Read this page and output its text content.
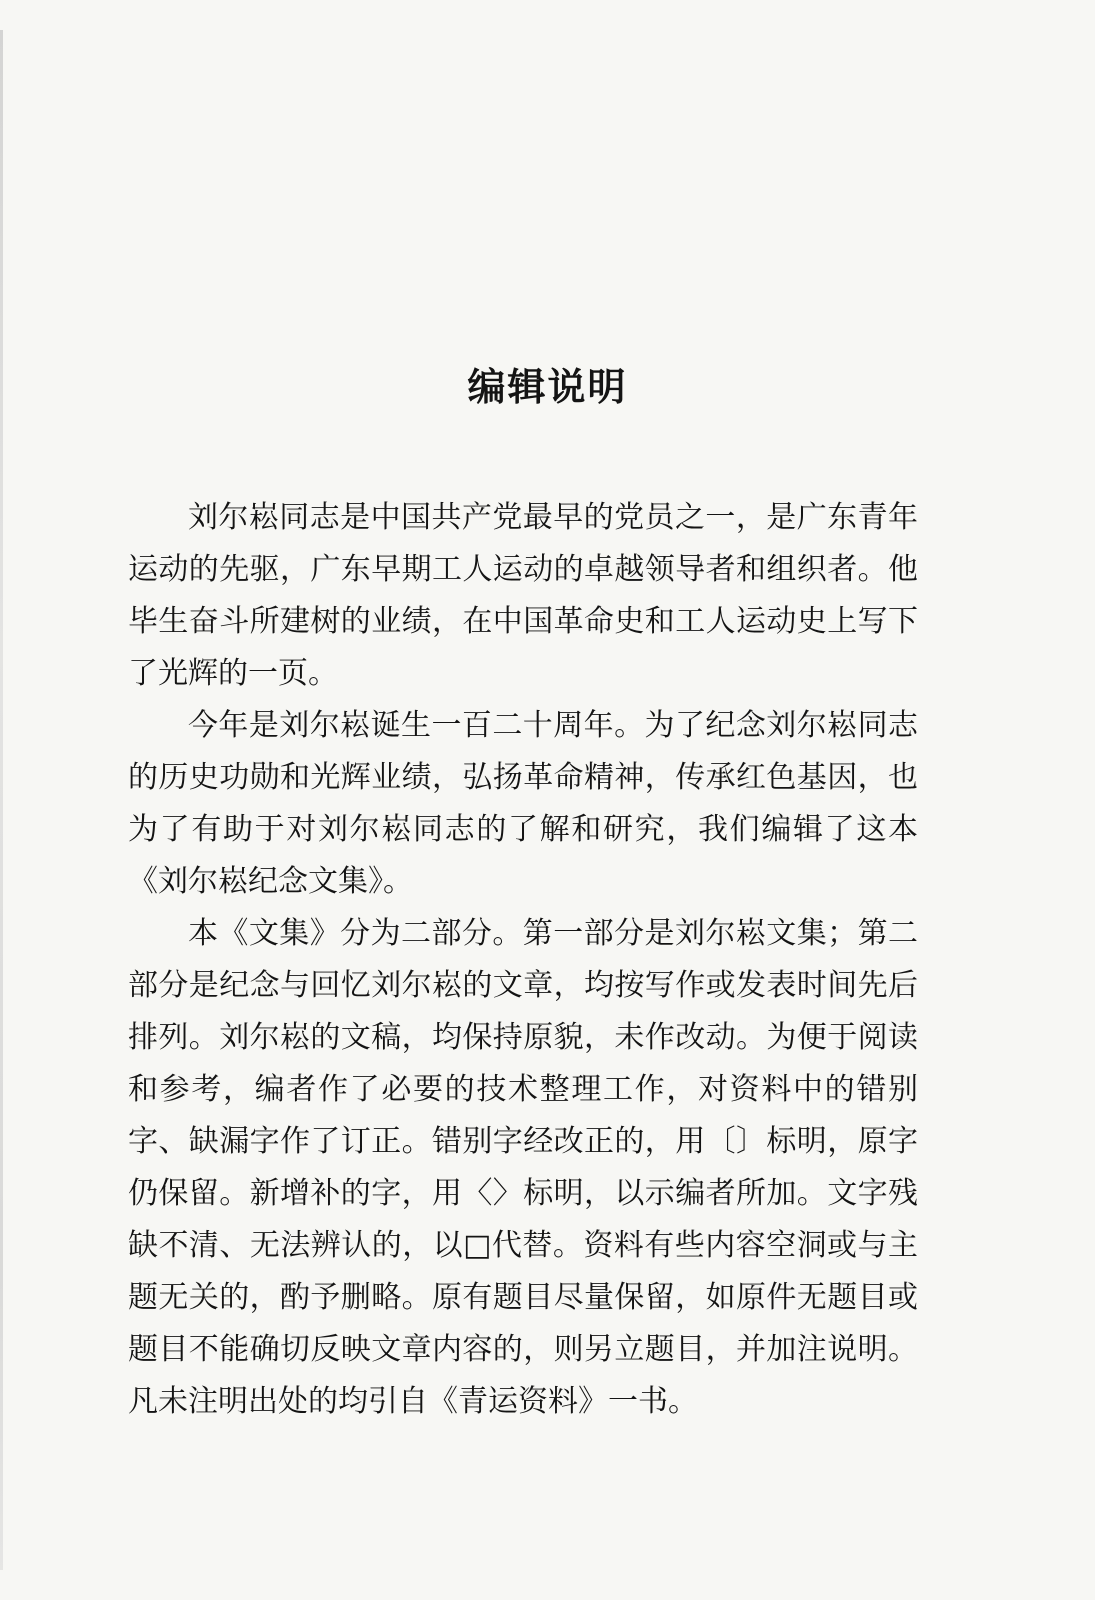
编辑说明

刘尔崧同志是中国共产党最早的党员之一，是广东青年运动的先驱，广东早期工人运动的卓越领导者和组织者。他毕生奋斗所建树的业绩，在中国革命史和工人运动史上写下了光辉的一页。

今年是刘尔崧诞生一百二十周年。为了纪念刘尔崧同志的历史功勋和光辉业绩，弘扬革命精神，传承红色基因，也为了有助于对刘尔崧同志的了解和研究，我们编辑了这本《刘尔崧纪念文集》。

本《文集》分为二部分。第一部分是刘尔崧文集；第二部分是纪念与回忆刘尔崧的文章，均按写作或发表时间先后排列。刘尔崧的文稿，均保持原貌，未作改动。为便于阅读和参考，编者作了必要的技术整理工作，对资料中的错别字、缺漏字作了订正。错别字经改正的，用〔〕标明，原字仍保留。新增补的字，用〈〉标明，以示编者所加。文字残缺不清、无法辨认的，以□代替。资料有些内容空洞或与主题无关的，酌予删略。原有题目尽量保留，如原件无题目或题目不能确切反映文章内容的，则另立题目，并加注说明。凡未注明出处的均引自《青运资料》一书。
